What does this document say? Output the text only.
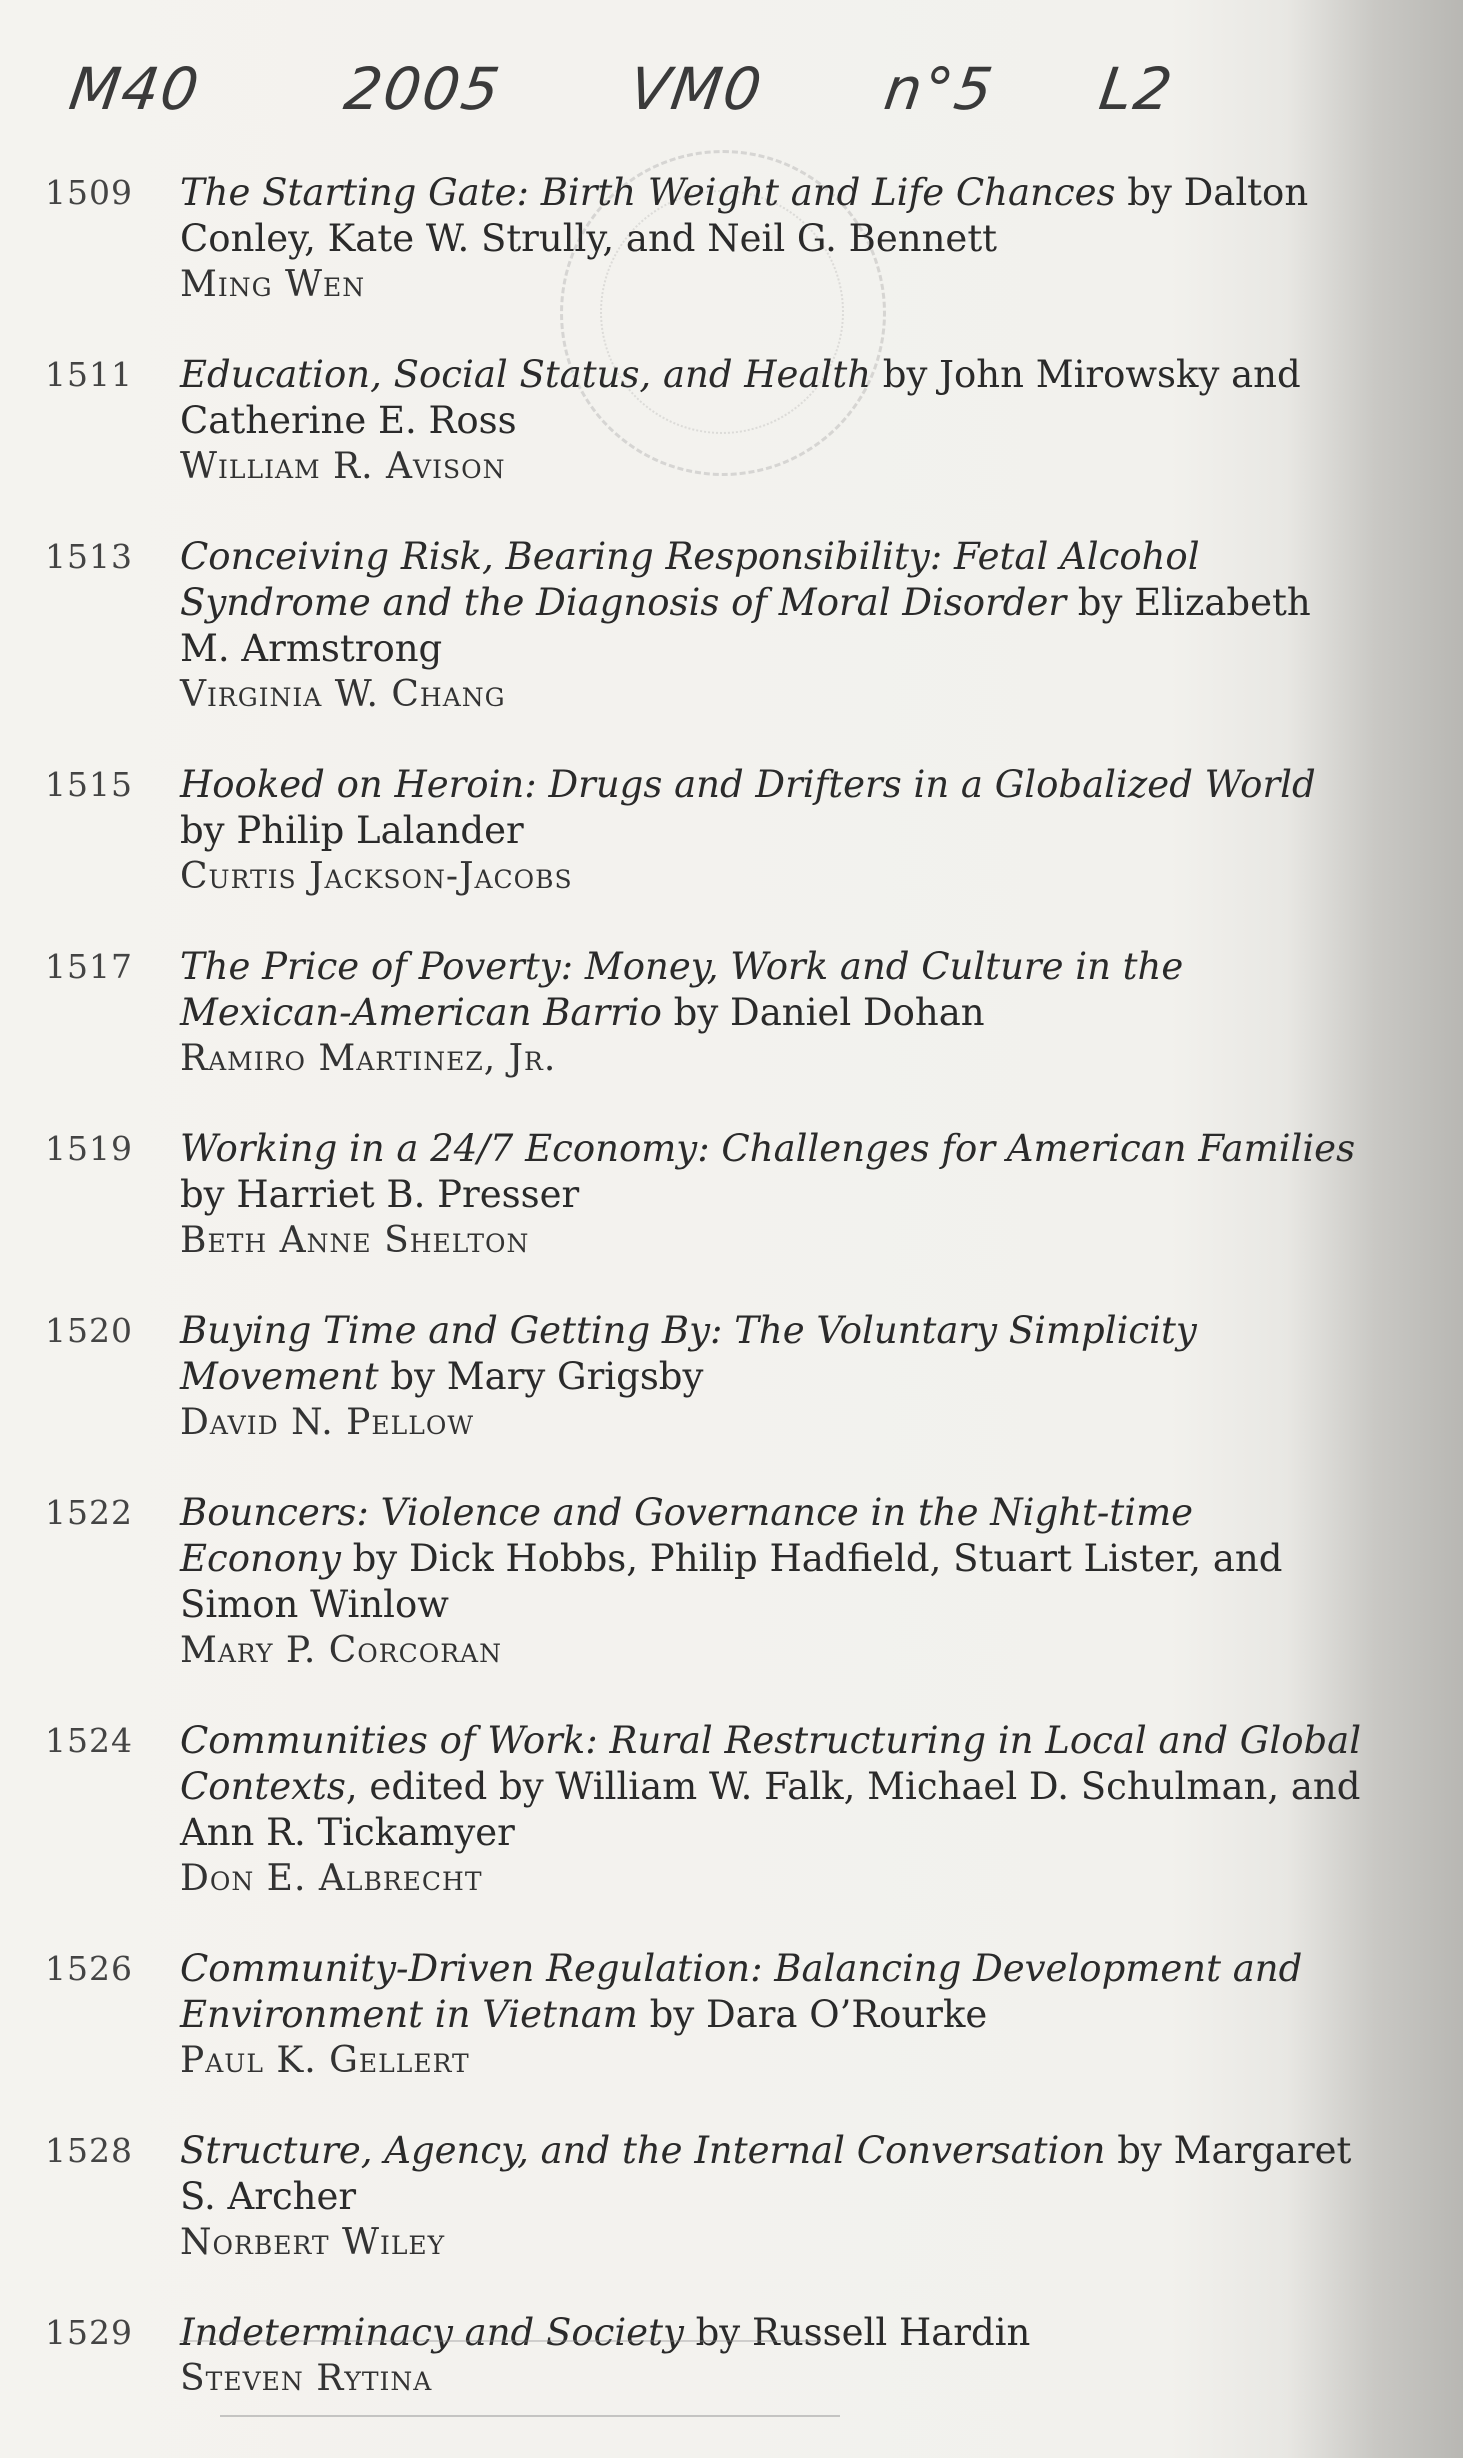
M40 2005 VM0 n°5 L2
1509	The Starting Gate: Birth Weight and Life Chances by Dalton Conley, Kate W. Strully, and Neil G. Bennett
Ming Wen
1511	Education, Social Status, and Health by John Mirowsky and Catherine E. Ross
William R. Avison
1513	Conceiving Risk, Bearing Responsibility: Fetal Alcohol Syndrome and the Diagnosis of Moral Disorder by Elizabeth M. Armstrong
Virginia W. Chang
1515	Hooked on Heroin: Drugs and Drifters in a Globalized World by Philip Lalander
Curtis Jackson-Jacobs
1517	The Price of Poverty: Money, Work and Culture in the Mexican-American Barrio by Daniel Dohan
Ramiro Martinez, Jr.
1519	Working in a 24/7 Economy: Challenges for American Families by Harriet B. Presser
Beth Anne Shelton
1520	Buying Time and Getting By: The Voluntary Simplicity Movement by Mary Grigsby
David N. Pellow
1522	Bouncers: Violence and Governance in the Night-time Econony by Dick Hobbs, Philip Hadfield, Stuart Lister, and Simon Winlow
Mary P. Corcoran
1524	Communities of Work: Rural Restructuring in Local and Global Contexts, edited by William W. Falk, Michael D. Schulman, and Ann R. Tickamyer
Don E. Albrecht
1526	Community-Driven Regulation: Balancing Development and Environment in Vietnam by Dara O’Rourke
Paul K. Gellert
1528	Structure, Agency, and the Internal Conversation by Margaret S. Archer
Norbert Wiley
1529	Indeterminacy and Society by Russell Hardin
Steven Rytina
